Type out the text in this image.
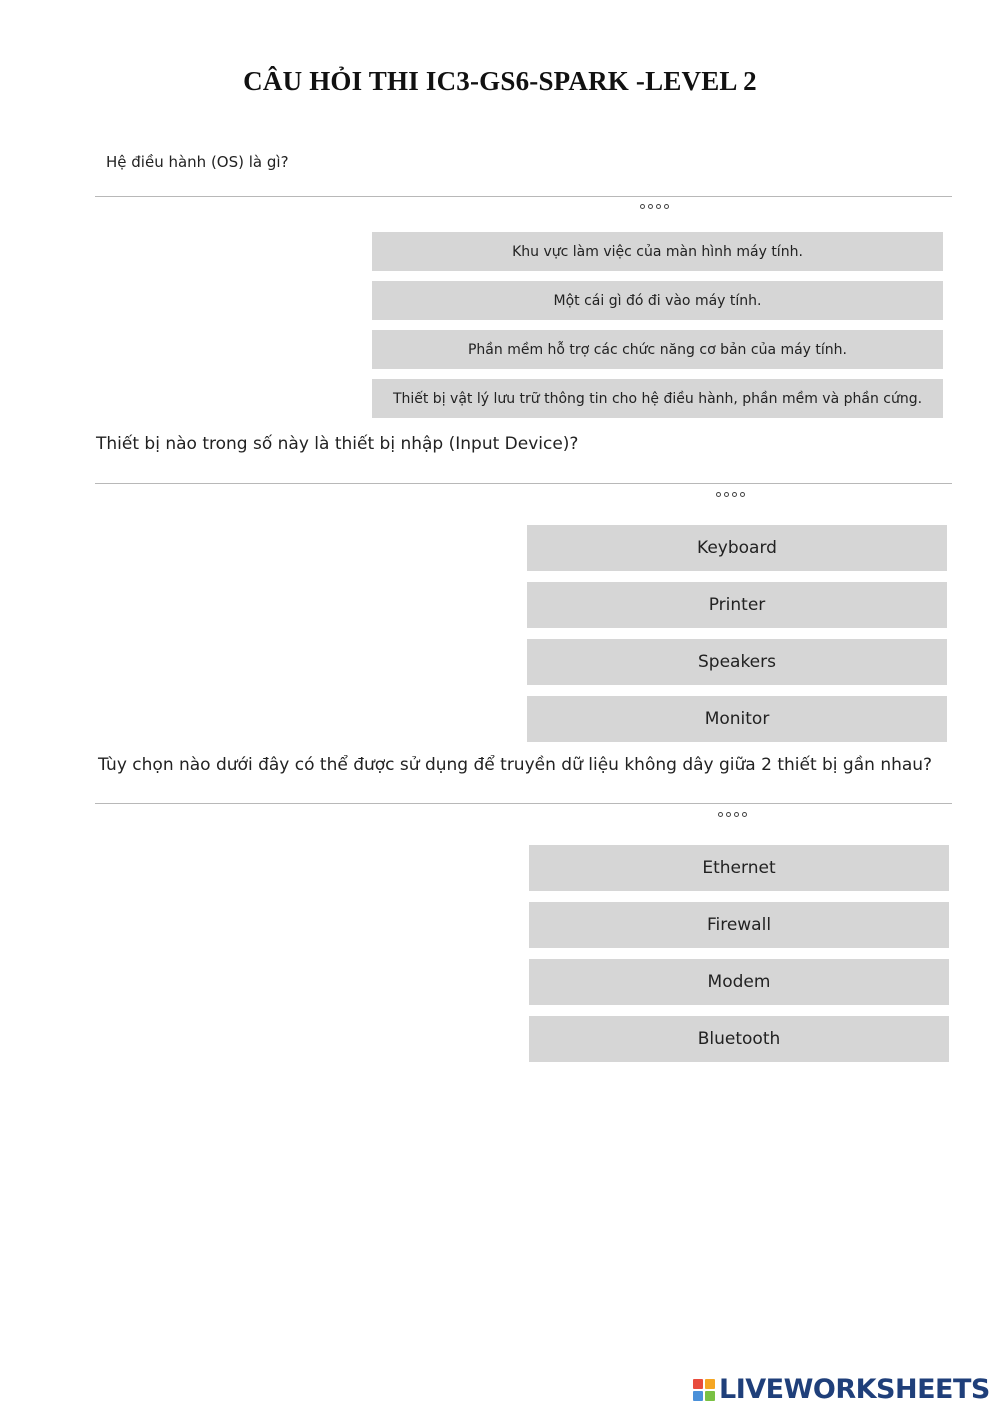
CÂU HỎI THI IC3-GS6-SPARK -LEVEL 2
Hệ điều hành (OS) là gì?
Khu vực làm việc của màn hình máy tính.
Một cái gì đó đi vào máy tính.
Phần mềm hỗ trợ các chức năng cơ bản của máy tính.
Thiết bị vật lý lưu trữ thông tin cho hệ điều hành, phần mềm và phần cứng.
Thiết bị nào trong số này là thiết bị nhập (Input Device)?
Keyboard
Printer
Speakers
Monitor
Tùy chọn nào dưới đây có thể được sử dụng để truyền dữ liệu không dây giữa 2 thiết bị gần nhau?
Ethernet
Firewall
Modem
Bluetooth
LIVEWORKSHEETS
